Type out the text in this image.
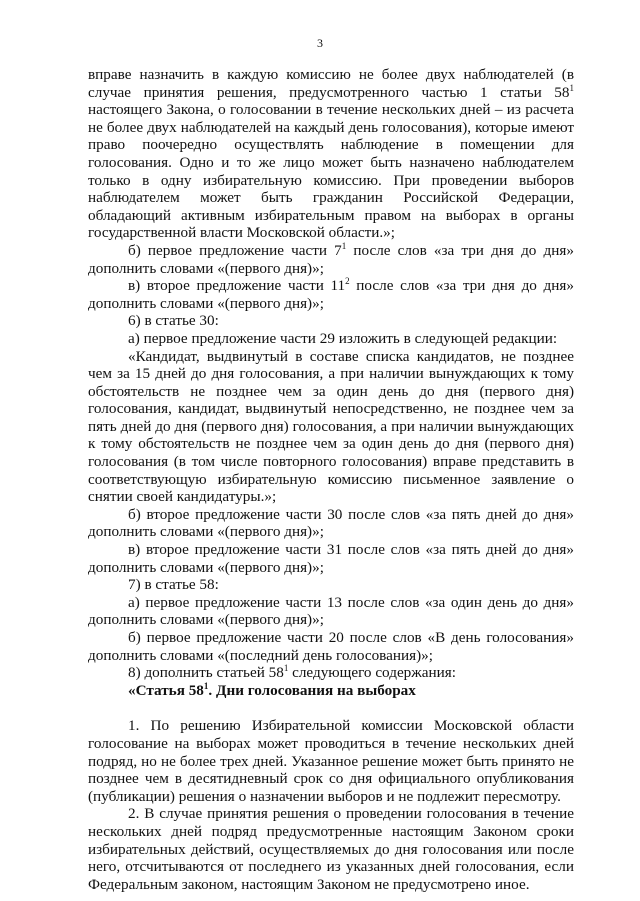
3

вправе назначить в каждую комиссию не более двух наблюдателей (в случае принятия решения, предусмотренного частью 1 статьи $58^1$ настоящего Закона, о голосовании в течение нескольких дней – из расчета не более двух наблюдателей на каждый день голосования), которые имеют право поочередно осуществлять наблюдение в помещении для голосования. Одно и то же лицо может быть назначено наблюдателем только в одну избирательную комиссию. При проведении выборов наблюдателем может быть гражданин Российской Федерации, обладающий активным избирательным правом на выборах в органы государственной власти Московской области.»;

б) первое предложение части $7^1$ после слов «за три дня до дня» дополнить словами «(первого дня)»;

в) второе предложение части $11^2$ после слов «за три дня до дня» дополнить словами «(первого дня)»;

6) в статье 30:

а) первое предложение части 29 изложить в следующей редакции:

«Кандидат, выдвинутый в составе списка кандидатов, не позднее чем за 15 дней до дня голосования, а при наличии вынуждающих к тому обстоятельств не позднее чем за один день до дня (первого дня) голосования, кандидат, выдвинутый непосредственно, не позднее чем за пять дней до дня (первого дня) голосования, а при наличии вынуждающих к тому обстоятельств не позднее чем за один день до дня (первого дня) голосования (в том числе повторного голосования) вправе представить в соответствующую избирательную комиссию письменное заявление о снятии своей кандидатуры.»;

б) второе предложение части 30 после слов «за пять дней до дня» дополнить словами «(первого дня)»;

в) второе предложение части 31 после слов «за пять дней до дня» дополнить словами «(первого дня)»;

7) в статье 58:

а) первое предложение части 13 после слов «за один день до дня» дополнить словами «(первого дня)»;

б) первое предложение части 20 после слов «В день голосования» дополнить словами «(последний день голосования)»;

8) дополнить статьей $58^1$ следующего содержания:

«Статья $58^1$. Дни голосования на выборах

1. По решению Избирательной комиссии Московской области голосование на выборах может проводиться в течение нескольких дней подряд, но не более трех дней. Указанное решение может быть принято не позднее чем в десятидневный срок со дня официального опубликования (публикации) решения о назначении выборов и не подлежит пересмотру.

2. В случае принятия решения о проведении голосования в течение нескольких дней подряд предусмотренные настоящим Законом сроки избирательных действий, осуществляемых до дня голосования или после него, отсчитываются от последнего из указанных дней голосования, если Федеральным законом, настоящим Законом не предусмотрено иное.
